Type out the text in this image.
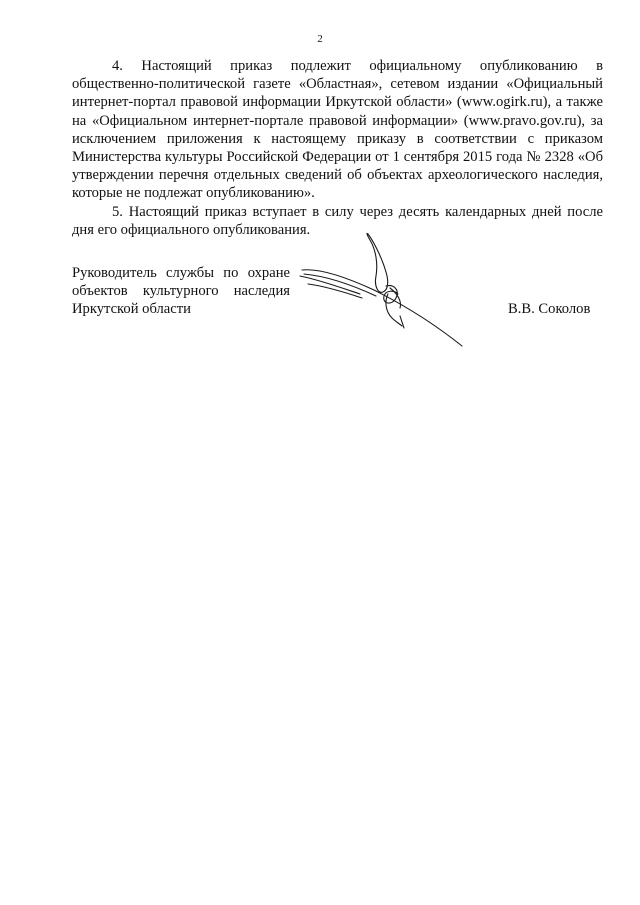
2

4. Настоящий приказ подлежит официальному опубликованию в общественно-политической газете «Областная», сетевом издании «Официальный интернет-портал правовой информации Иркутской области» (www.ogirk.ru), а также на «Официальном интернет-портале правовой информации» (www.pravo.gov.ru), за исключением приложения к настоящему приказу в соответствии с приказом Министерства культуры Российской Федерации от 1 сентября 2015 года № 2328 «Об утверждении перечня отдельных сведений об объектах археологического наследия, которые не подлежат опубликованию».

5. Настоящий приказ вступает в силу через десять календарных дней после дня его официального опубликования.

Руководитель службы по охране
объектов культурного наследия
Иркутской области	В.В. Соколов
